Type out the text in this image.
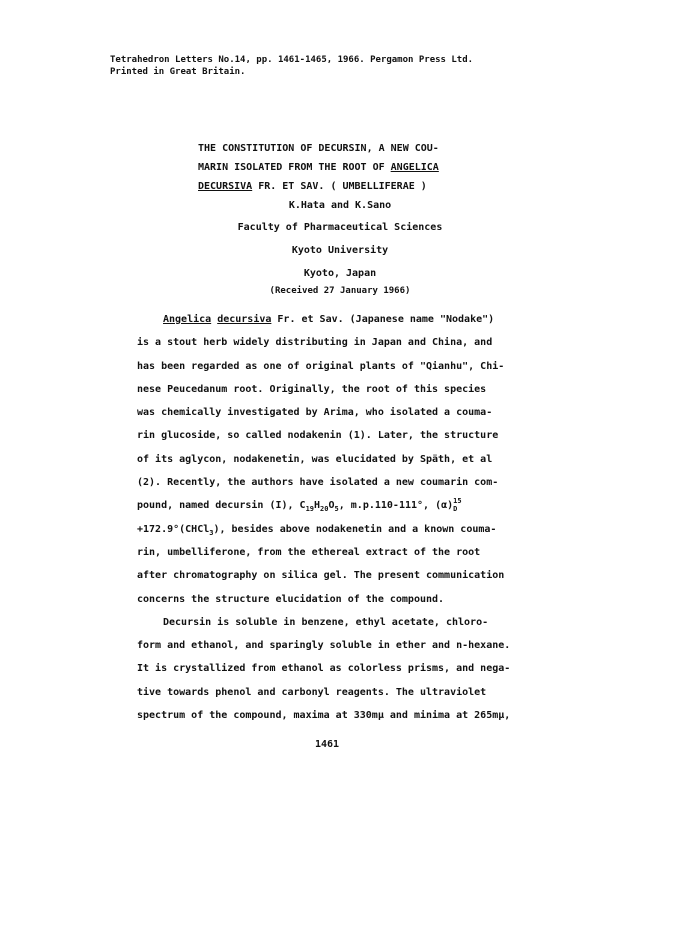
Tetrahedron Letters No.14, pp. 1461-1465, 1966. Pergamon Press Ltd.
Printed in Great Britain.
THE CONSTITUTION OF DECURSIN, A NEW COU-
MARIN ISOLATED FROM THE ROOT OF ANGELICA
DECURSIVA FR. ET SAV. ( UMBELLIFERAE )
K.Hata and K.Sano
Faculty of Pharmaceutical Sciences
Kyoto University
Kyoto, Japan
(Received 27 January 1966)
Angelica decursiva Fr. et Sav. (Japanese name "Nodake")
is a stout herb widely distributing in Japan and China, and
has been regarded as one of original plants of "Qianhu", Chi-
nese Peucedanum root. Originally, the root of this species
was chemically investigated by Arima, who isolated a couma-
rin glucoside, so called nodakenin (1). Later, the structure
of its aglycon, nodakenetin, was elucidated by Späth, et al
(2). Recently, the authors have isolated a new coumarin com-
pound, named decursin (I), $C_{19}H_{20}O_5$, m.p.110-111°, (α) 15
D
+172.9°(CHCl$_3$), besides above nodakenetin and a known couma-
rin, umbelliferone, from the ethereal extract of the root
after chromatography on silica gel. The present communication
concerns the structure elucidation of the compound.
Decursin is soluble in benzene, ethyl acetate, chloro-
form and ethanol, and sparingly soluble in ether and n-hexane.
It is crystallized from ethanol as colorless prisms, and nega-
tive towards phenol and carbonyl reagents. The ultraviolet
spectrum of the compound, maxima at 330mμ and minima at 265mμ,
1461
